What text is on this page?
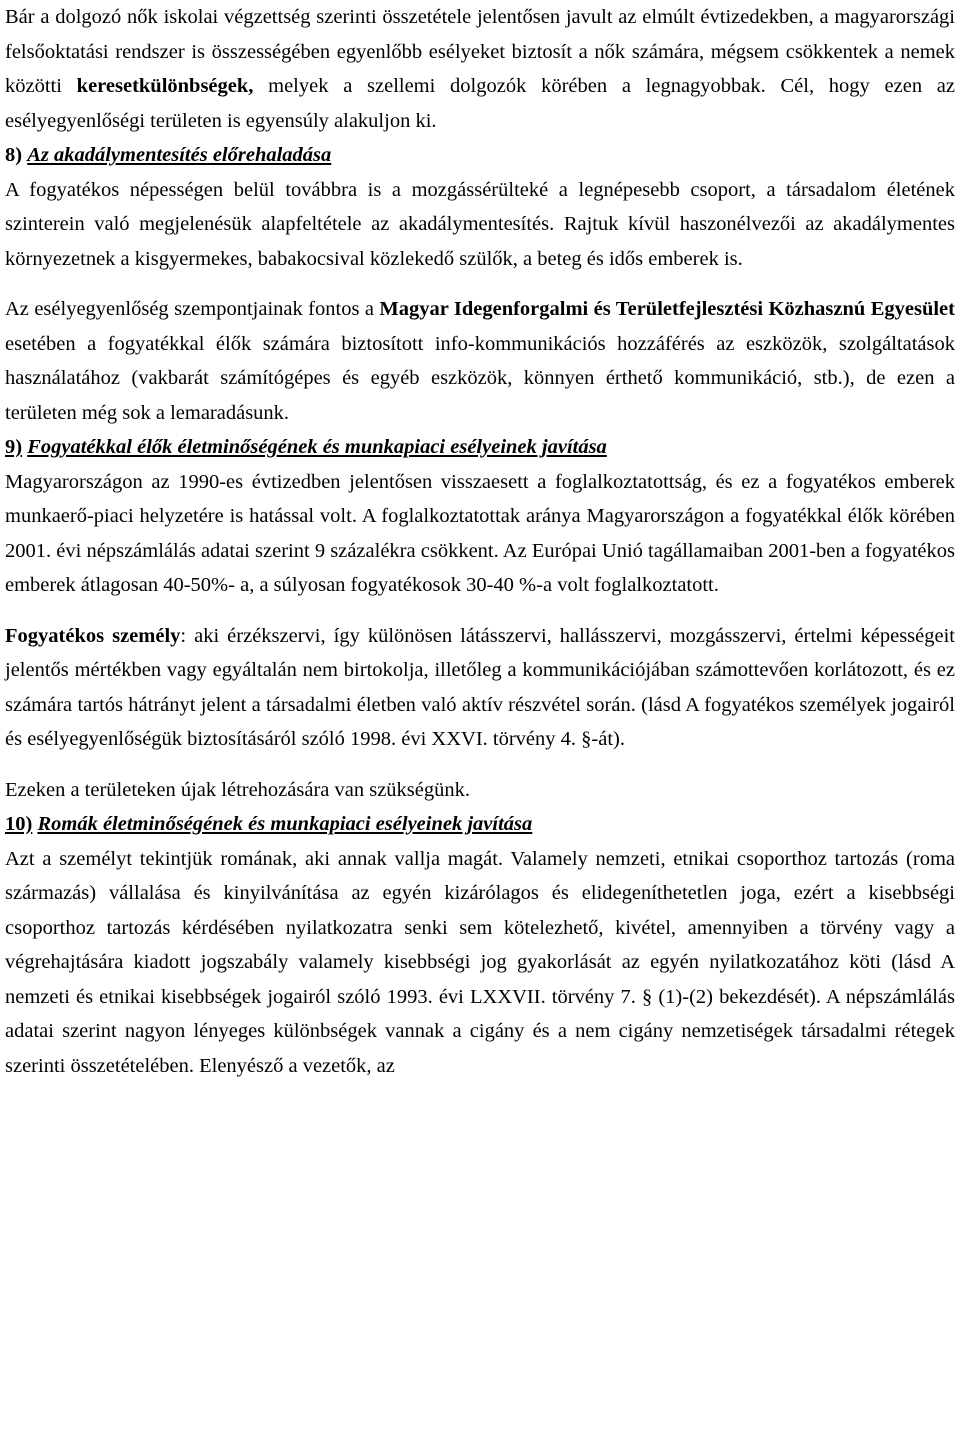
Bár a dolgozó nők iskolai végzettség szerinti összetétele jelentősen javult az elmúlt évtizedekben, a magyarországi felsőoktatási rendszer is összességében egyenlőbb esélyeket biztosít a nők számára, mégsem csökkentek a nemek közötti keresetkülönbségek, melyek a szellemi dolgozók körében a legnagyobbak. Cél, hogy ezen az esélyegyenlőségi területen is egyensúly alakuljon ki.

8) Az akadálymentesítés előrehaladása

A fogyatékos népességen belül továbbra is a mozgássérülteké a legnépesebb csoport, a társadalom életének szinterein való megjelenésük alapfeltétele az akadálymentesítés. Rajtuk kívül haszonélvezői az akadálymentes környezetnek a kisgyermekes, babakocsival közlekedő szülők, a beteg és idős emberek is.

Az esélyegyenlőség szempontjainak fontos a Magyar Idegenforgalmi és Területfejlesztési Közhasznú Egyesület esetében a fogyatékkal élők számára biztosított info-kommunikációs hozzáférés az eszközök, szolgáltatások használatához (vakbarát számítógépes és egyéb eszközök, könnyen érthető kommunikáció, stb.), de ezen a területen még sok a lemaradásunk.

9) Fogyatékkal élők életminőségének és munkapiaci esélyeinek javítása

Magyarországon az 1990-es évtizedben jelentősen visszaesett a foglalkoztatottság, és ez a fogyatékos emberek munkaerő-piaci helyzetére is hatással volt. A foglalkoztatottak aránya Magyarországon a fogyatékkal élők körében 2001. évi népszámlálás adatai szerint 9 százalékra csökkent. Az Európai Unió tagállamaiban 2001-ben a fogyatékos emberek átlagosan 40-50%- a, a súlyosan fogyatékosok 30-40 %-a volt foglalkoztatott.

Fogyatékos személy: aki érzékszervi, így különösen látásszervi, hallásszervi, mozgásszervi, értelmi képességeit jelentős mértékben vagy egyáltalán nem birtokolja, illetőleg a kommunikációjában számottevően korlátozott, és ez számára tartós hátrányt jelent a társadalmi életben való aktív részvétel során. (lásd A fogyatékos személyek jogairól és esélyegyenlőségük biztosításáról szóló 1998. évi XXVI. törvény 4. §-át).

Ezeken a területeken újak létrehozására van szükségünk.

10) Romák életminőségének és munkapiaci esélyeinek javítása

Azt a személyt tekintjük romának, aki annak vallja magát. Valamely nemzeti, etnikai csoporthoz tartozás (roma származás) vállalása és kinyilvánítása az egyén kizárólagos és elidegeníthetetlen joga, ezért a kisebbségi csoporthoz tartozás kérdésében nyilatkozatra senki sem kötelezhető, kivétel, amennyiben a törvény vagy a végrehajtására kiadott jogszabály valamely kisebbségi jog gyakorlását az egyén nyilatkozatához köti (lásd A nemzeti és etnikai kisebbségek jogairól szóló 1993. évi LXXVII. törvény 7. § (1)-(2) bekezdését). A népszámlálás adatai szerint nagyon lényeges különbségek vannak a cigány és a nem cigány nemzetiségek társadalmi rétegek szerinti összetételében. Elenyésző a vezetők, az
